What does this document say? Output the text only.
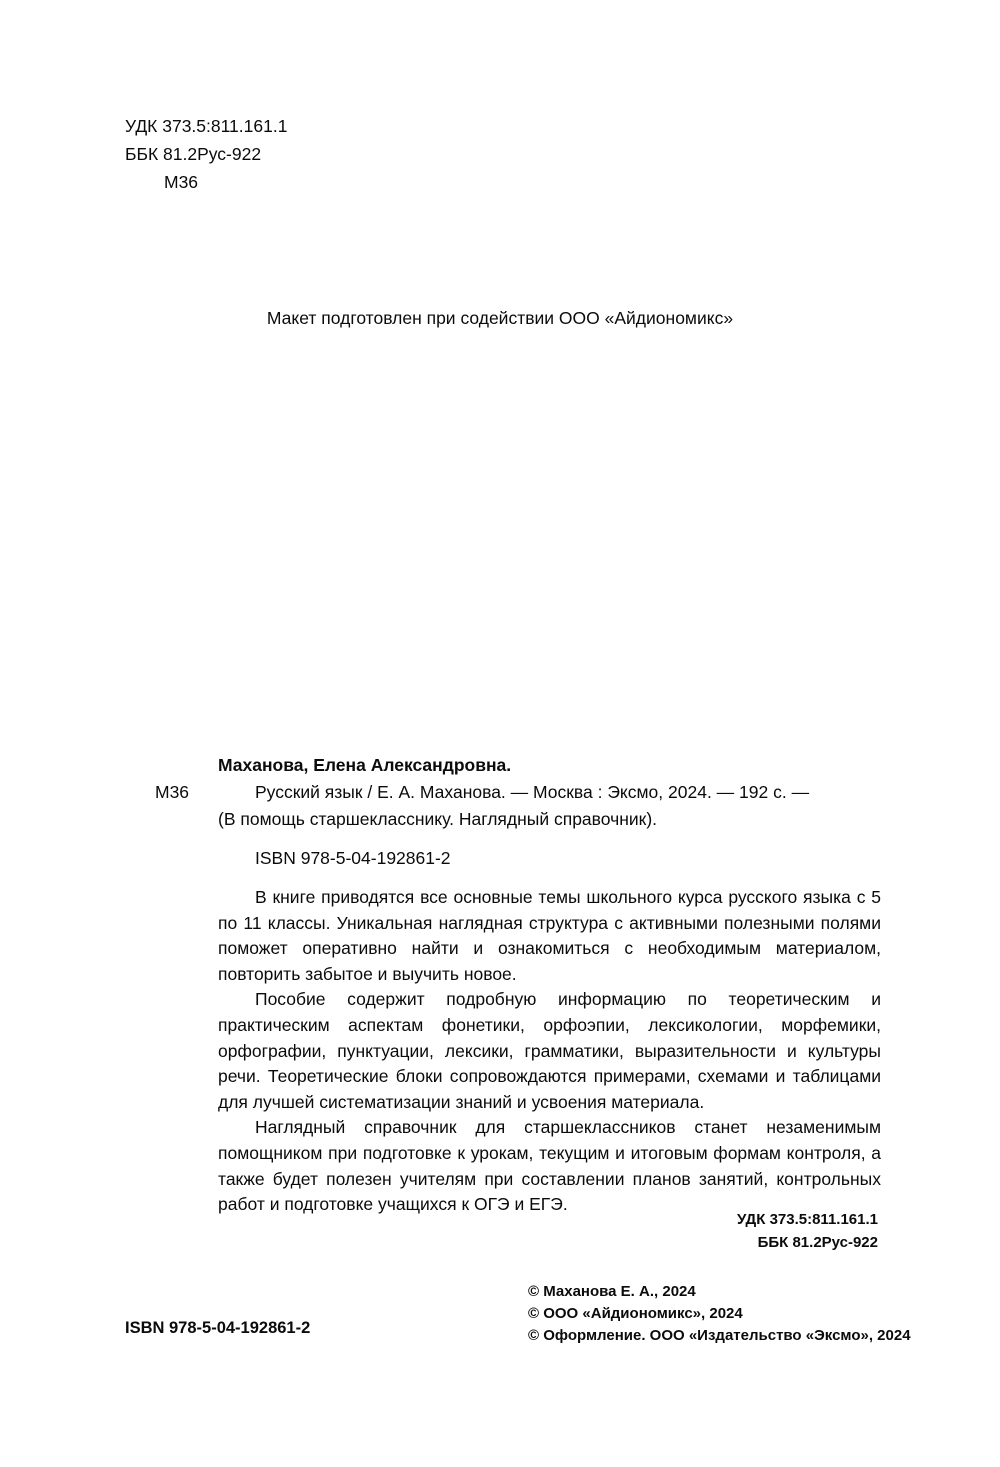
УДК 373.5:811.161.1
ББК 81.2Рус-922
М36
Макет подготовлен при содействии ООО «Айдиономикс»
М36
Маханова, Елена Александровна.
Русский язык / Е. А. Маханова. — Москва : Эксмо, 2024. — 192 с. —
(В помощь старшекласснику. Наглядный справочник).
ISBN 978-5-04-192861-2

В книге приводятся все основные темы школьного курса русского языка с 5 по 11 классы. Уникальная наглядная структура с активными полезными полями поможет оперативно найти и ознакомиться с необходимым материалом, повторить забытое и выучить новое.

Пособие содержит подробную информацию по теоретическим и практическим аспектам фонетики, орфоэпии, лексикологии, морфемики, орфографии, пунктуации, лексики, грамматики, выразительности и культуры речи. Теоретические блоки сопровождаются примерами, схемами и таблицами для лучшей систематизации знаний и усвоения материала.

Наглядный справочник для старшеклассников станет незаменимым помощником при подготовке к урокам, текущим и итоговым формам контроля, а также будет полезен учителям при составлении планов занятий, контрольных работ и подготовке учащихся к ОГЭ и ЕГЭ.

УДК 373.5:811.161.1
ББК 81.2Рус-922
© Маханова Е. А., 2024
© ООО «Айдиономикс», 2024
© Оформление. ООО «Издательство «Эксмо», 2024
ISBN 978-5-04-192861-2
